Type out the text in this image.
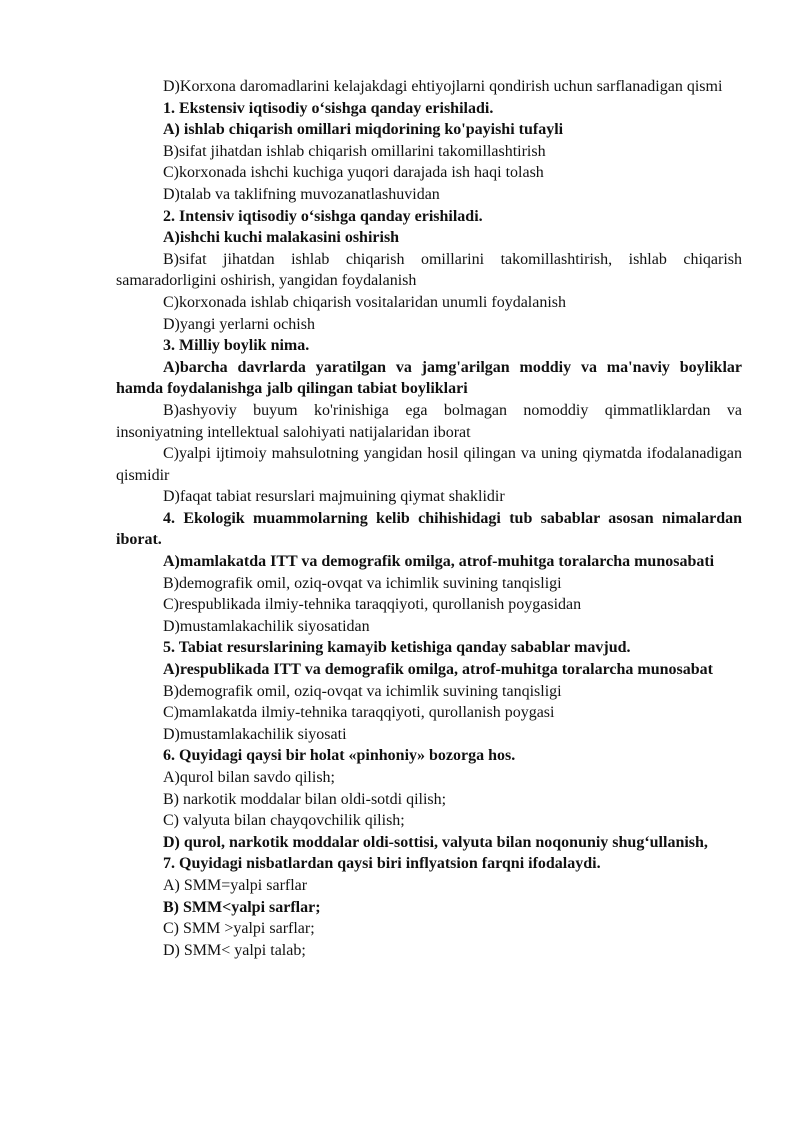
D)Korxona daromadlarini kelajakdagi ehtiyojlarni qondirish uchun sarflanadigan qismi

1. Ekstensiv iqtisodiy o‘sishga qanday erishiladi.

A) ishlab chiqarish omillari miqdorining ko'payishi tufayli

B)sifat jihatdan ishlab chiqarish omillarini takomillashtirish

C)korxonada ishchi kuchiga yuqori darajada ish haqi tolash

D)talab va taklifning muvozanatlashuvidan

2. Intensiv iqtisodiy o‘sishga qanday erishiladi.

A)ishchi kuchi malakasini oshirish

B)sifat jihatdan ishlab chiqarish omillarini takomillashtirish, ishlab chiqarish samaradorligini oshirish, yangidan foydalanish

C)korxonada ishlab chiqarish vositalaridan unumli foydalanish

D)yangi yerlarni ochish

3. Milliy boylik nima.

A)barcha davrlarda yaratilgan va jamg'arilgan moddiy va ma'naviy boyliklar hamda foydalanishga jalb qilingan tabiat boyliklari

B)ashyoviy buyum ko'rinishiga ega bolmagan nomoddiy qimmatliklardan va insoniyatning intellektual salohiyati natijalaridan iborat

C)yalpi ijtimoiy mahsulotning yangidan hosil qilingan va uning qiymatda ifodalanadigan qismidir

D)faqat tabiat resurslari majmuining qiymat shaklidir

4. Ekologik muammolarning kelib chihishidagi tub sabablar asosan nimalardan iborat.

A)mamlakatda ITT va demografik omilga, atrof-muhitga toralarcha munosabati

B)demografik omil, oziq-ovqat va ichimlik suvining tanqisligi

C)respublikada ilmiy-tehnika taraqqiyoti, qurollanish poygasidan

D)mustamlakachilik siyosatidan

5. Tabiat resurslarining kamayib ketishiga qanday sabablar mavjud.

A)respublikada ITT va demografik omilga, atrof-muhitga toralarcha munosabat

B)demografik omil, oziq-ovqat va ichimlik suvining tanqisligi

C)mamlakatda ilmiy-tehnika taraqqiyoti, qurollanish poygasi

D)mustamlakachilik siyosati

6. Quyidagi qaysi bir holat «pinhoniy» bozorga hos.

A)qurol bilan savdo qilish;

B) narkotik moddalar bilan oldi-sotdi qilish;

C) valyuta bilan chayqovchilik qilish;

D) qurol, narkotik moddalar oldi-sottisi, valyuta bilan noqonuniy shug‘ullanish,

7. Quyidagi nisbatlardan qaysi biri inflyatsion farqni ifodalaydi.

A) SMM=yalpi sarflar

B) SMM<yalpi sarflar;

C) SMM >yalpi sarflar;

D) SMM< yalpi talab;
